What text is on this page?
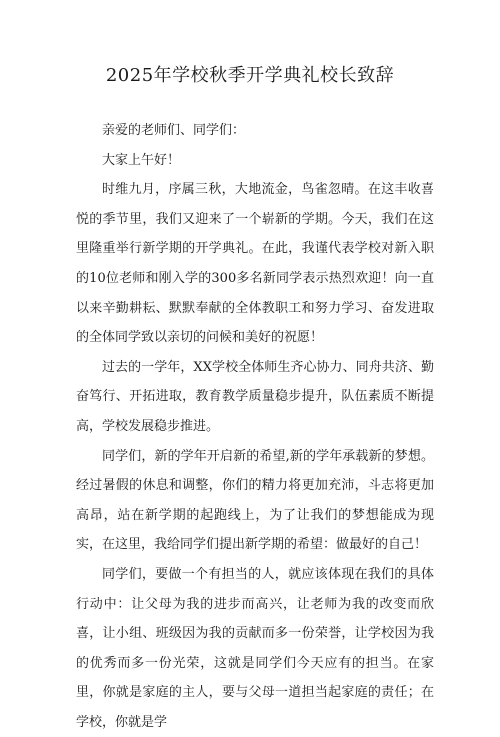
2025年学校秋季开学典礼校长致辞

亲爱的老师们、同学们：

大家上午好！

时维九月，序属三秋，大地流金，鸟雀忽晴。在这丰收喜悦的季节里，我们又迎来了一个崭新的学期。今天，我们在这里隆重举行新学期的开学典礼。在此，我谨代表学校对新入职的10位老师和刚入学的300多名新同学表示热烈欢迎！向一直以来辛勤耕耘、默默奉献的全体教职工和努力学习、奋发进取的全体同学致以亲切的问候和美好的祝愿！

过去的一学年，XX学校全体师生齐心协力、同舟共济、勤奋笃行、开拓进取，教育教学质量稳步提升，队伍素质不断提高，学校发展稳步推进。

同学们，新的学年开启新的希望,新的学年承载新的梦想。经过暑假的休息和调整，你们的精力将更加充沛，斗志将更加高昂，站在新学期的起跑线上，为了让我们的梦想能成为现实，在这里，我给同学们提出新学期的希望：做最好的自己！

同学们，要做一个有担当的人，就应该体现在我们的具体行动中：让父母为我的进步而高兴，让老师为我的改变而欣喜，让小组、班级因为我的贡献而多一份荣誉，让学校因为我的优秀而多一份光荣，这就是同学们今天应有的担当。在家里，你就是家庭的主人，要与父母一道担当起家庭的责任；在学校，你就是学
